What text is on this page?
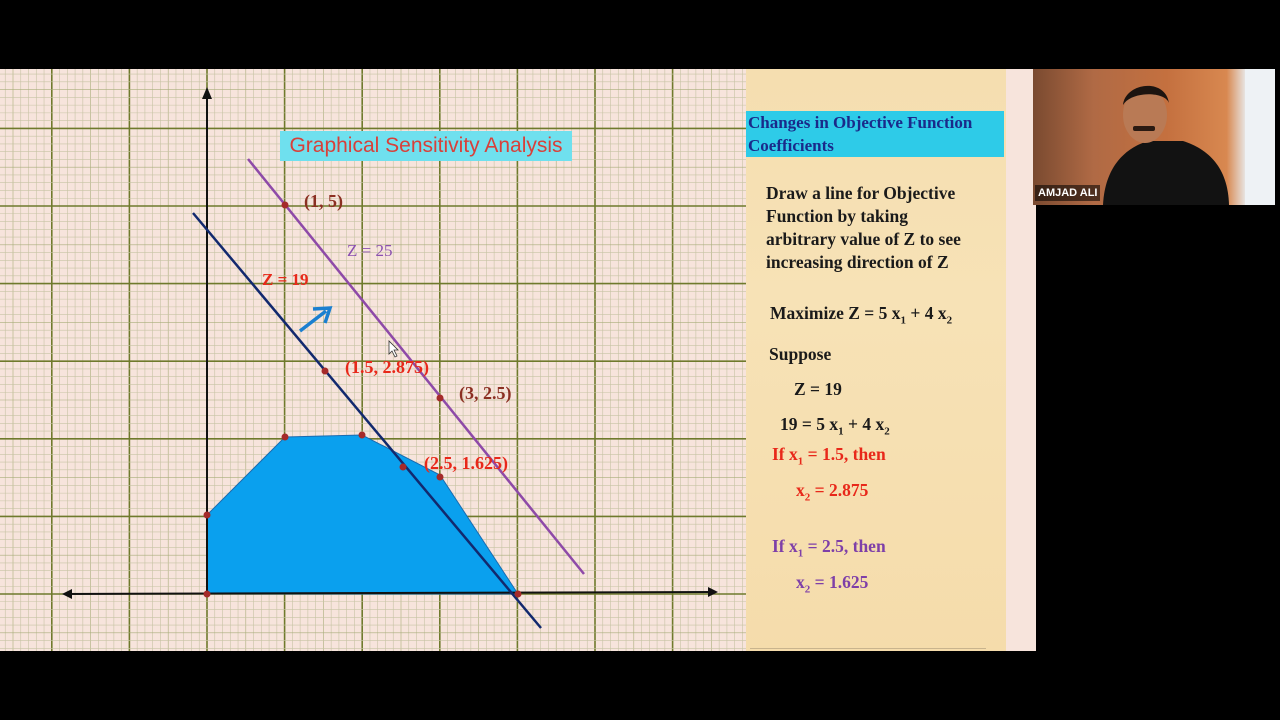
Graphical Sensitivity Analysis
(1, 5)
Z = 25
Z = 19
(1.5, 2.875)
(3, 2.5)
(2.5, 1.625)
Changes in Objective Function Coefficients
Draw a line for Objective
Function by taking
arbitrary value of Z to see
increasing direction of Z
Maximize Z = 5 $x_1 + 4$ $x_2$
Suppose
Z = 19
19 = 5 $x_1 + 4$ $x_2$
If $x_1 = 1.5$, then
$x_2 = 2.875$
If $x_1 = 2.5$, then
$x_2 = 1.625$
AMJAD ALI
